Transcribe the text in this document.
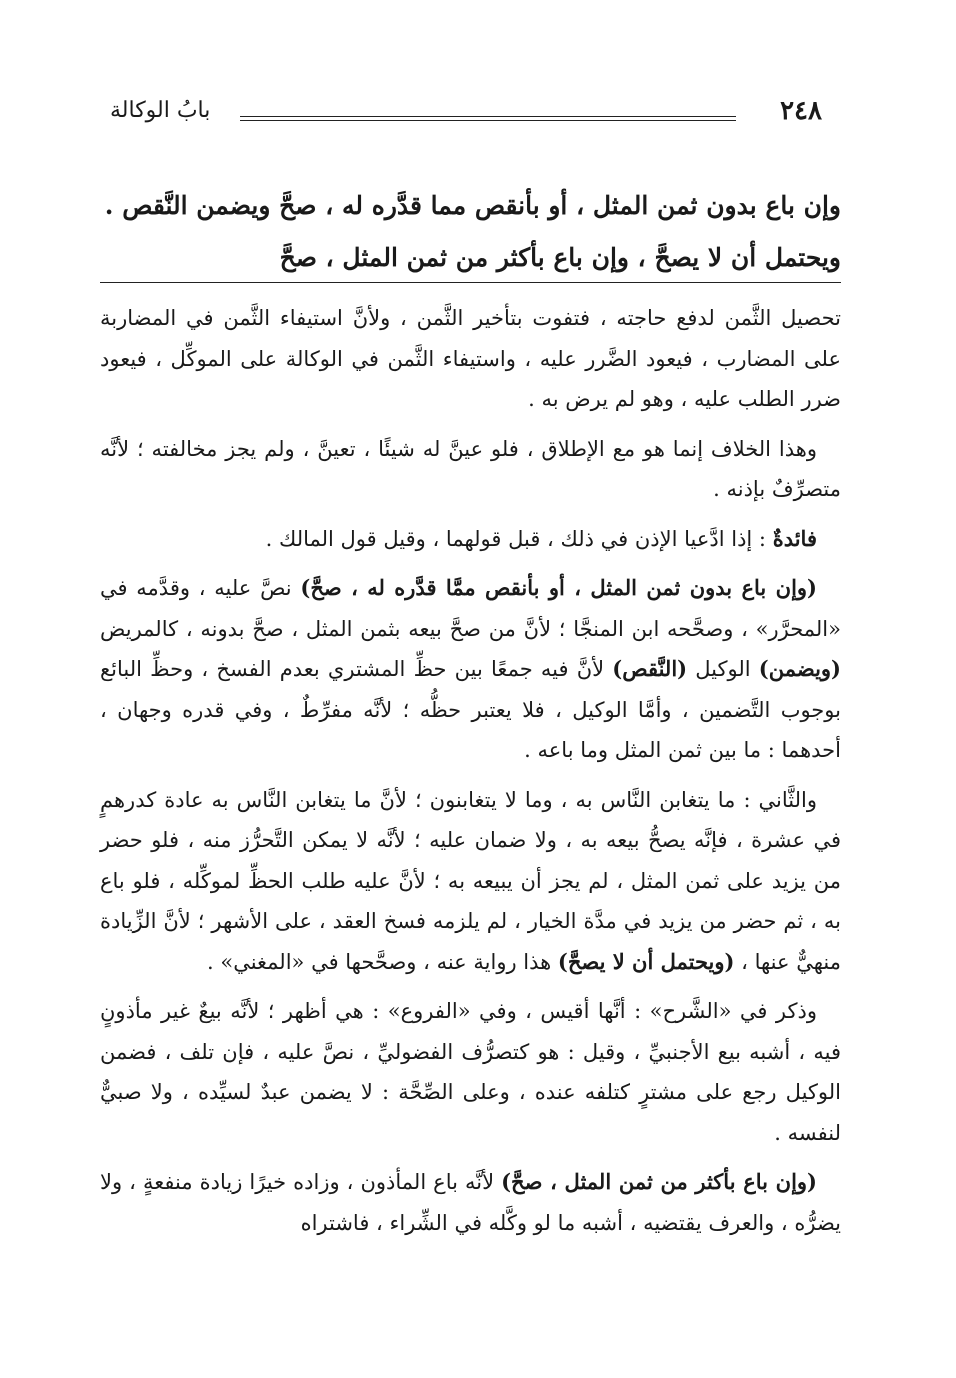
٢٤٨
بابُ الوكالة
وإن باع بدون ثمن المثل ، أو بأنقص مما قدَّره له ، صحَّ ويضمن النَّقص .
ويحتمل أن لا يصحَّ ، وإن باع بأكثر من ثمن المثل ، صحَّ

تحصيل الثَّمن لدفع حاجته ، فتفوت بتأخير الثَّمن ، ولأنَّ استيفاء الثَّمن في المضاربة على المضارب ، فيعود الضَّرر عليه ، واستيفاء الثَّمن في الوكالة على الموكِّل ، فيعود ضرر الطلب عليه ، وهو لم يرض به .

وهذا الخلاف إنما هو مع الإطلاق ، فلو عينَّ له شيئًا ، تعينَّ ، ولم يجز مخالفته ؛ لأنَّه متصرِّفٌ بإذنه .

فائدةٌ : إذا ادَّعيا الإذن في ذلك ، قبل قولهما ، وقيل قول المالك .

(وإن باع بدون ثمن المثل ، أو بأنقص ممَّا قدَّره له ، صحَّ) نصَّ عليه ، وقدَّمه في «المحرَّر» ، وصحَّحه ابن المنجَّا ؛ لأنَّ من صحَّ بيعه بثمن المثل ، صحَّ بدونه ، كالمريض (ويضمن) الوكيل (النَّقص) لأنَّ فيه جمعًا بين حظِّ المشتري بعدم الفسخ ، وحظِّ البائع بوجوب التَّضمين ، وأمَّا الوكيل ، فلا يعتبر حظُّه ؛ لأنَّه مفرِّطٌ ، وفي قدره وجهان ، أحدهما : ما بين ثمن المثل وما باعه .

والثَّاني : ما يتغابن النَّاس به ، وما لا يتغابنون ؛ لأنَّ ما يتغابن النَّاس به عادة كدرهمٍ في عشرة ، فإنَّه يصحُّ بيعه به ، ولا ضمان عليه ؛ لأنَّه لا يمكن التَّحرُّز منه ، فلو حضر من يزيد على ثمن المثل ، لم يجز أن يبيعه به ؛ لأنَّ عليه طلب الحظِّ لموكِّله ، فلو باع به ، ثم حضر من يزيد في مدَّة الخيار ، لم يلزمه فسخ العقد ، على الأشهر ؛ لأنَّ الزِّيادة منهيٌّ عنها ، (ويحتمل أن لا يصحَّ) هذا رواية عنه ، وصحَّحها في «المغني» .

وذكر في «الشَّرح» : أنَّها أقيس ، وفي «الفروع» : هي أظهر ؛ لأنَّه بيعٌ غير مأذونٍ فيه ، أشبه بيع الأجنبيِّ ، وقيل : هو كتصرُّف الفضوليِّ ، نصَّ عليه ، فإن تلف ، فضمن الوكيل رجع على مشترٍ كتلفه عنده ، وعلى الصِّحَّة : لا يضمن عبدٌ لسيِّده ، ولا صبيٌّ لنفسه .

(وإن باع بأكثر من ثمن المثل ، صحَّ) لأنَّه باع المأذون ، وزاده خيرًا زيادة منفعةٍ ، ولا يضرُّه ، والعرف يقتضيه ، أشبه ما لو وكَّله في الشِّراء ، فاشتراه
